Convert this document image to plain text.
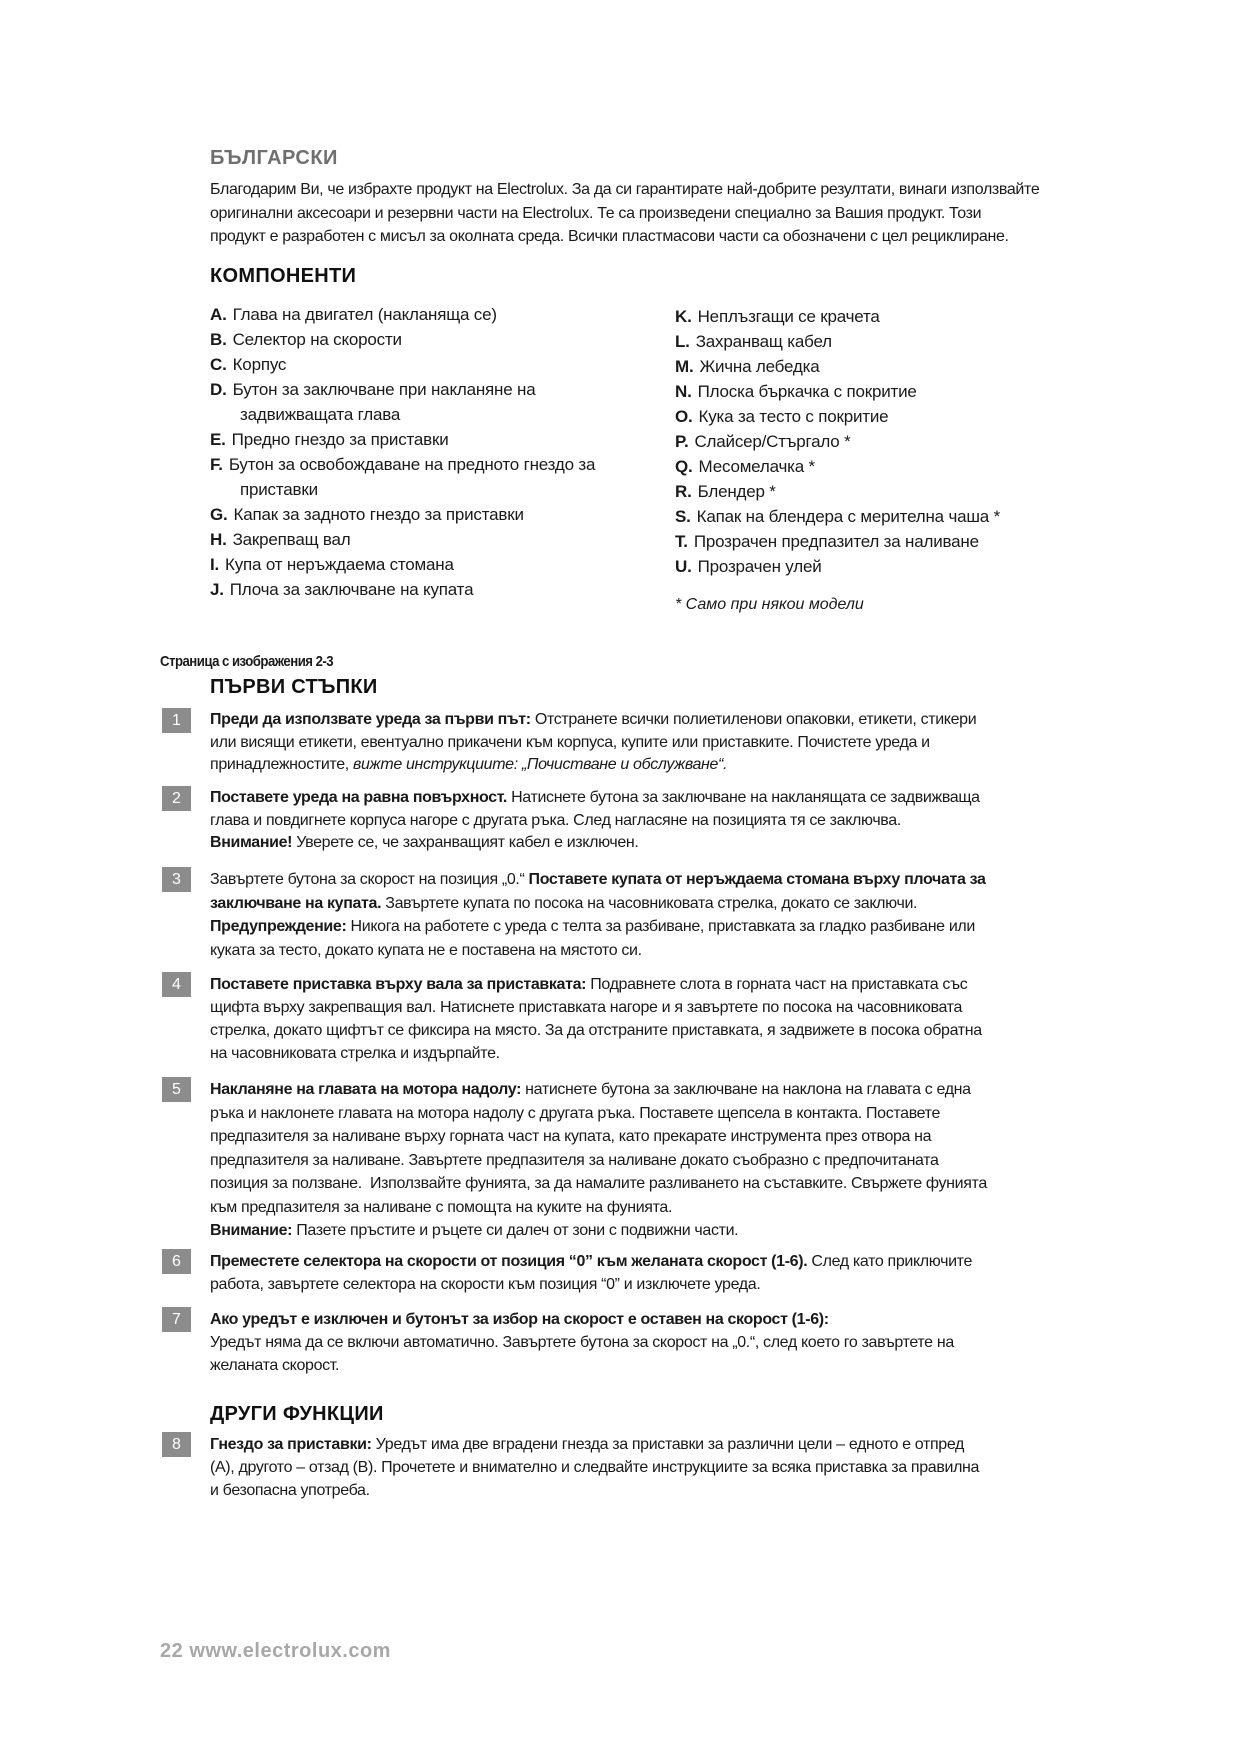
БЪЛГАРСКИ
Благодарим Ви, че избрахте продукт на Electrolux. За да си гарантирате най-добрите резултати, винаги използвайте
оригинални аксесоари и резервни части на Electrolux. Те са произведени специално за Вашия продукт. Този
продукт е разработен с мисъл за околната среда. Всички пластмасови части са обозначени с цел рециклиране.
КОМПОНЕНТИ
A. Глава на двигател (накланяща се)
B. Селектор на скорости
C. Корпус
D. Бутон за заключване при накланяне на
задвижващата глава
E. Предно гнездо за приставки
F. Бутон за освобождаване на предното гнездо за
приставки
G. Капак за задното гнездо за приставки
H. Закрепващ вал
I. Купа от неръждаема стомана
J. Плоча за заключване на купата
K. Неплъзгащи се крачета
L. Захранващ кабел
M. Жична лебедка
N. Плоска бъркачка с покритие
O. Кука за тесто с покритие
P. Слайсер/Стъргало *
Q. Месомелачка *
R. Блендер *
S. Капак на блендера с мерителна чаша *
T. Прозрачен предпазител за наливане
U. Прозрачен улей
* Само при някои модели
Страница с изображения 2-3
ПЪРВИ СТЪПКИ
ДРУГИ ФУНКЦИИ
1	Преди да използвате уреда за първи път: Отстранете всички полиетиленови опаковки, етикети, стикери
или висящи етикети, евентуално прикачени към корпуса, купите или приставките. Почистете уреда и
принадлежностите, вижте инструкциите: „Почистване и обслужване“.
2	Поставете уреда на равна повърхност. Натиснете бутона за заключване на накланящата се задвижваща
глава и повдигнете корпуса нагоре с другата ръка. След нагласяне на позицията тя се заключва.
Внимание! Уверете се, че захранващият кабел е изключен.
3	Завъртете бутона за скорост на позиция „0.“ Поставете купата от неръждаема стомана върху плочата за
заключване на купата. Завъртете купата по посока на часовниковата стрелка, докато се заключи.
Предупреждение: Никога на работете с уреда с телта за разбиване, приставката за гладко разбиване или
куката за тесто, докато купата не е поставена на мястото си.
4	Поставете приставка върху вала за приставката: Подравнете слота в горната част на приставката със
щифта върху закрепващия вал. Натиснете приставката нагоре и я завъртете по посока на часовниковата
стрелка, докато щифтът се фиксира на място. За да отстраните приставката, я задвижете в посока обратна
на часовниковата стрелка и издърпайте.
5	Накланяне на главата на мотора надолу: натиснете бутона за заключване на наклона на главата с една
ръка и наклонете главата на мотора надолу с другата ръка. Поставете щепсела в контакта. Поставете
предпазителя за наливане върху горната част на купата, като прекарате инструмента през отвора на
предпазителя за наливане. Завъртете предпазителя за наливане докато съобразно с предпочитаната
позиция за ползване.  Използвайте фунията, за да намалите разливането на съставките. Свържете фунията
към предпазителя за наливане с помощта на куките на фунията.
Внимание: Пазете пръстите и ръцете си далеч от зони с подвижни части.
6	Преместете селектора на скорости от позиция “0” към желаната скорост (1-6). След като приключите
работа, завъртете селектора на скорости към позиция “0” и изключете уреда.
7	Ако уредът е изключен и бутонът за избор на скорост е оставен на скорост (1-6):
Уредът няма да се включи автоматично. Завъртете бутона за скорост на „0.“, след което го завъртете на
желаната скорост.
8	Гнездо за приставки: Уредът има две вградени гнезда за приставки за различни цели – едното е отпред
(A), другото – отзад (B). Прочетете и внимателно и следвайте инструкциите за всяка приставка за правилна
и безопасна употреба.
22 www.electrolux.com
